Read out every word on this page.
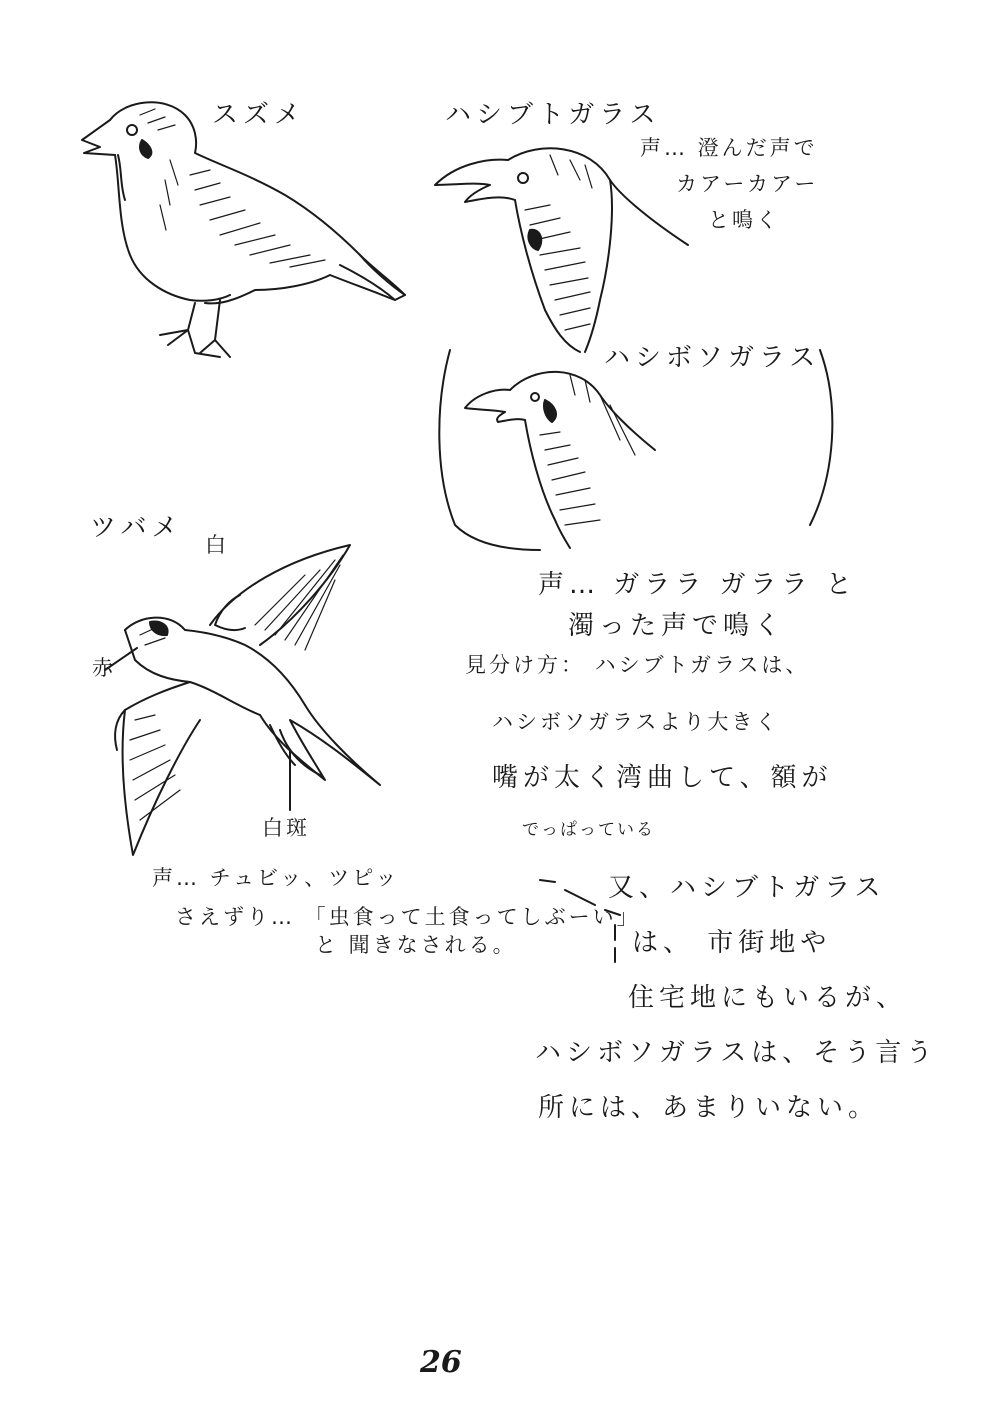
スズメ	ハシブトガラス
声… 澄んだ声で
カアーカアー
と鳴く
ハシボソガラス
声… ガララ ガララ と
濁った声で鳴く
見分け方： ハシブトガラスは、
ハシボソガラスより大きく
嘴が太く湾曲して、額が
でっぱっている
ツバメ
白
赤
白斑
声… チュビッ、ツピッ
さえずり… 「虫食って土食ってしぶーい」
と 聞きなされる。
又、ハシブトガラス
は、 市街地や
住宅地にもいるが、
ハシボソガラスは、そう言う
所には、あまりいない。
26
